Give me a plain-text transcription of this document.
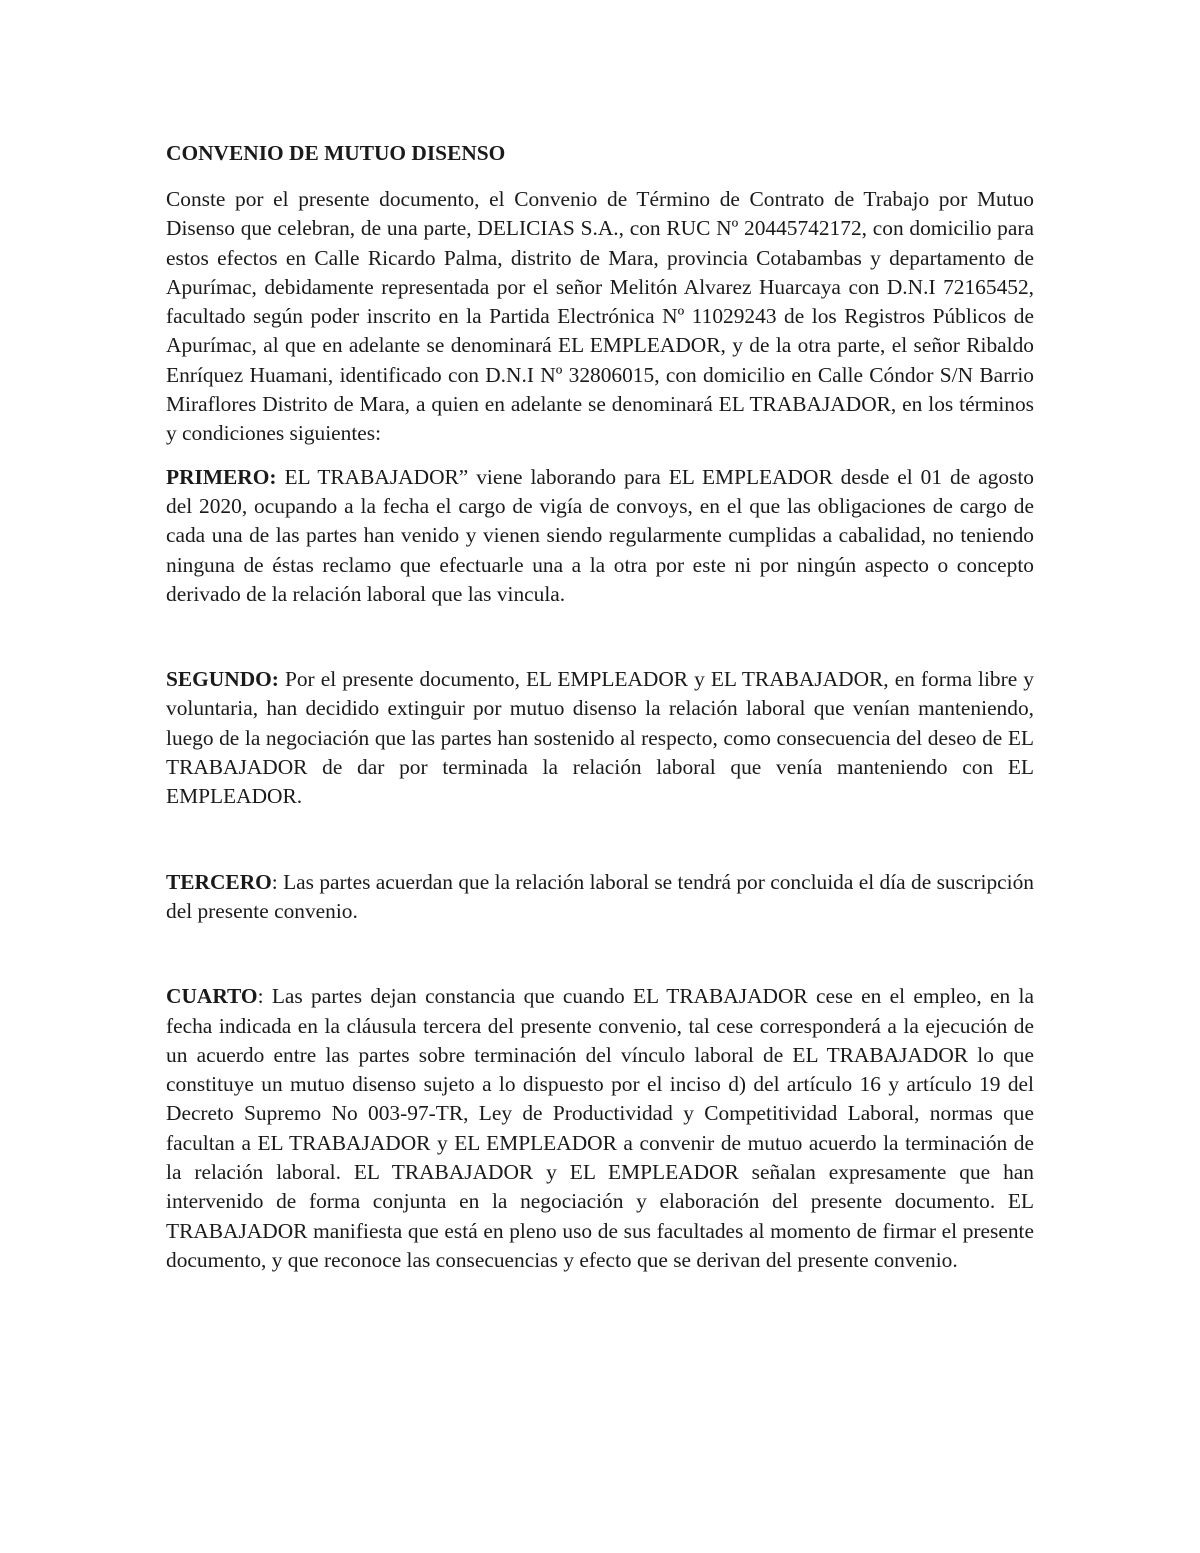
CONVENIO DE MUTUO DISENSO

Conste por el presente documento, el Convenio de Término de Contrato de Trabajo por Mutuo Disenso que celebran, de una parte, DELICIAS S.A., con RUC Nº 20445742172, con domicilio para estos efectos en Calle Ricardo Palma, distrito de Mara, provincia Cotabambas y departamento de Apurímac, debidamente representada por el señor Melitón Alvarez Huarcaya con D.N.I 72165452, facultado según poder inscrito en la Partida Electrónica Nº 11029243 de los Registros Públicos de Apurímac, al que en adelante se denominará EL EMPLEADOR, y de la otra parte, el señor Ribaldo Enríquez Huamani, identificado con D.N.I Nº 32806015, con domicilio en Calle Cóndor S/N Barrio Miraflores Distrito de Mara, a quien en adelante se denominará EL TRABAJADOR, en los términos y condiciones siguientes:

PRIMERO: EL TRABAJADOR” viene laborando para EL EMPLEADOR desde el 01 de agosto del 2020, ocupando a la fecha el cargo de vigía de convoys, en el que las obligaciones de cargo de cada una de las partes han venido y vienen siendo regularmente cumplidas a cabalidad, no teniendo ninguna de éstas reclamo que efectuarle una a la otra por este ni por ningún aspecto o concepto derivado de la relación laboral que las vincula.

SEGUNDO: Por el presente documento, EL EMPLEADOR y EL TRABAJADOR, en forma libre y voluntaria, han decidido extinguir por mutuo disenso la relación laboral que venían manteniendo, luego de la negociación que las partes han sostenido al respecto, como consecuencia del deseo de EL TRABAJADOR de dar por terminada la relación laboral que venía manteniendo con EL EMPLEADOR.

TERCERO: Las partes acuerdan que la relación laboral se tendrá por concluida el día de suscripción del presente convenio.

CUARTO: Las partes dejan constancia que cuando EL TRABAJADOR cese en el empleo, en la fecha indicada en la cláusula tercera del presente convenio, tal cese corresponderá a la ejecución de un acuerdo entre las partes sobre terminación del vínculo laboral de EL TRABAJADOR lo que constituye un mutuo disenso sujeto a lo dispuesto por el inciso d) del artículo 16 y artículo 19 del Decreto Supremo No 003-97-TR, Ley de Productividad y Competitividad Laboral, normas que facultan a EL TRABAJADOR y EL EMPLEADOR a convenir de mutuo acuerdo la terminación de la relación laboral. EL TRABAJADOR y EL EMPLEADOR señalan expresamente que han intervenido de forma conjunta en la negociación y elaboración del presente documento. EL TRABAJADOR manifiesta que está en pleno uso de sus facultades al momento de firmar el presente documento, y que reconoce las consecuencias y efecto que se derivan del presente convenio.
